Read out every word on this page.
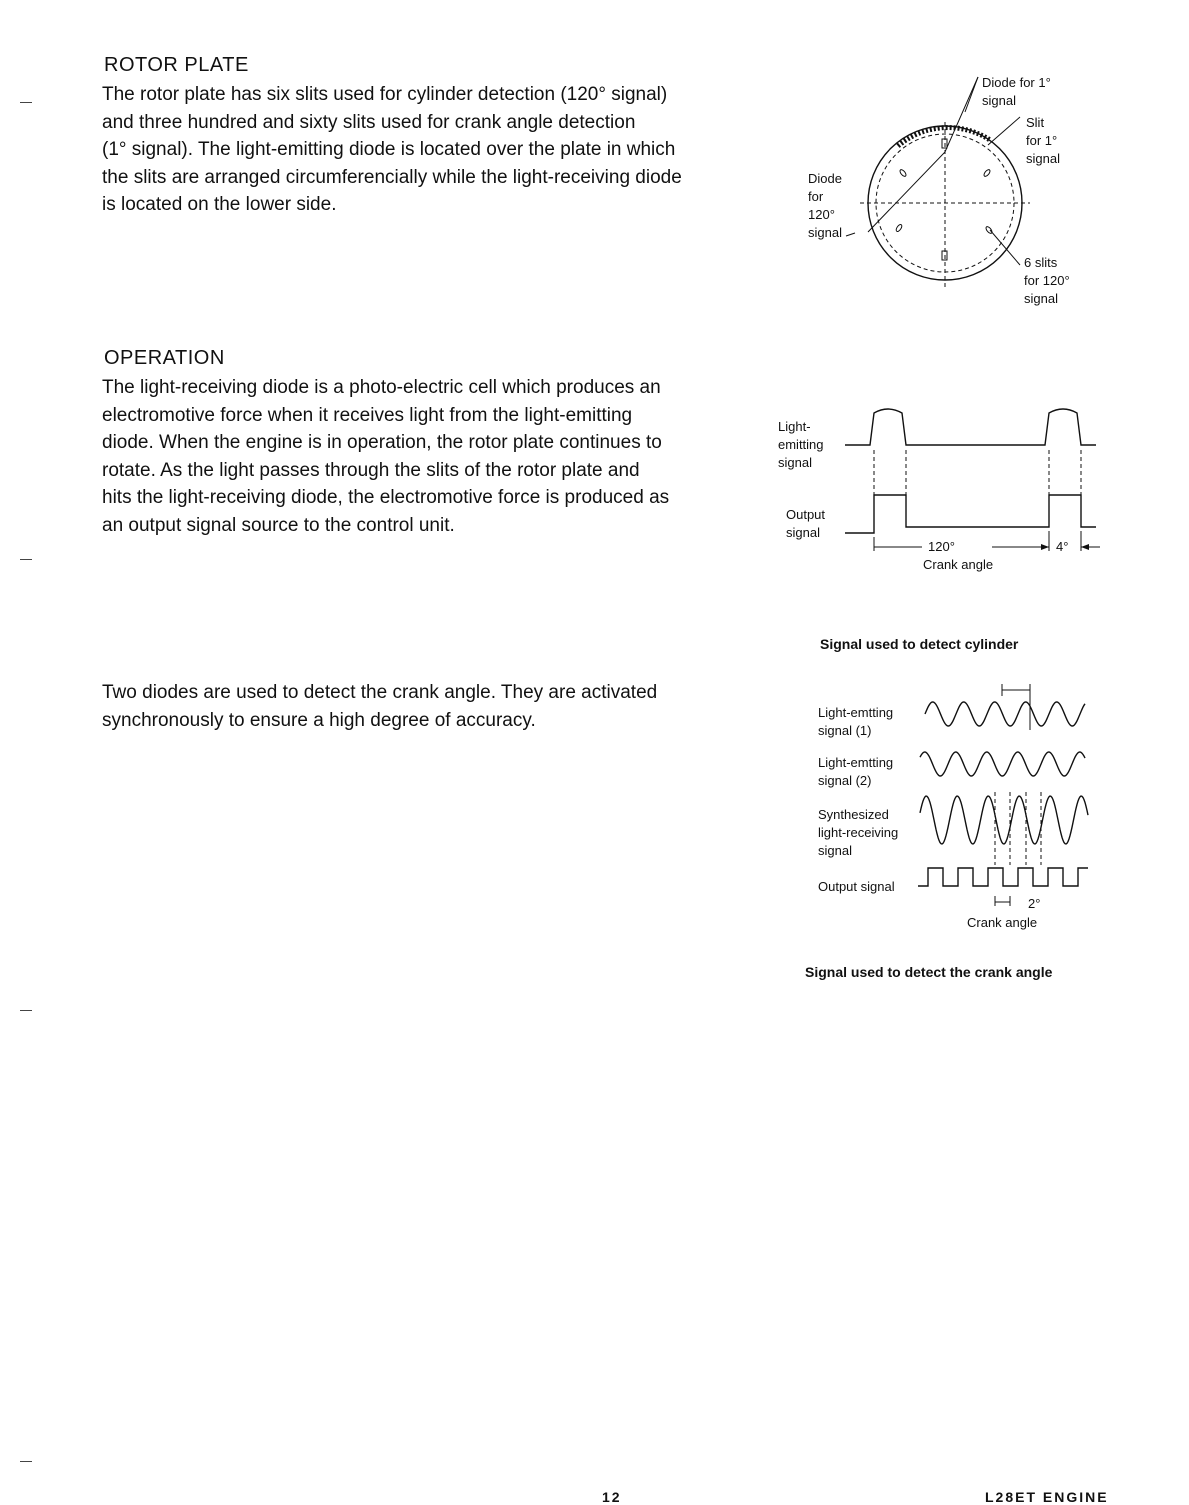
ROTOR PLATE

The rotor plate has six slits used for cylinder detection (120° signal)

and three hundred and sixty slits used for crank angle detection

(1° signal). The light-emitting diode is located over the plate in which

the slits are arranged circumferencially while the light-receiving diode

is located on the lower side.

Diode for 1°
signal
Slit
for 1°
signal
Diode
for
120°
signal
6 slits
for 120°
signal
OPERATION

The light-receiving diode is a photo-electric cell which produces an

electromotive force when it receives light from the light-emitting

diode. When the engine is in operation, the rotor plate continues to

rotate. As the light passes through the slits of the rotor plate and

hits the light-receiving diode, the electromotive force is produced as

an output signal source to the control unit.

Light-
emitting
signal
Output
signal
120°	4°
Crank angle
Signal used to detect cylinder

Two diodes are used to detect the crank angle. They are activated

synchronously to ensure a high degree of accuracy.	Light-emtting
signal (1)
Light-emtting
signal (2)
Synthesized
light-receiving
signal
Output signal
2°
Crank angle
Signal used to detect the crank angle
12	L28ET ENGINE
